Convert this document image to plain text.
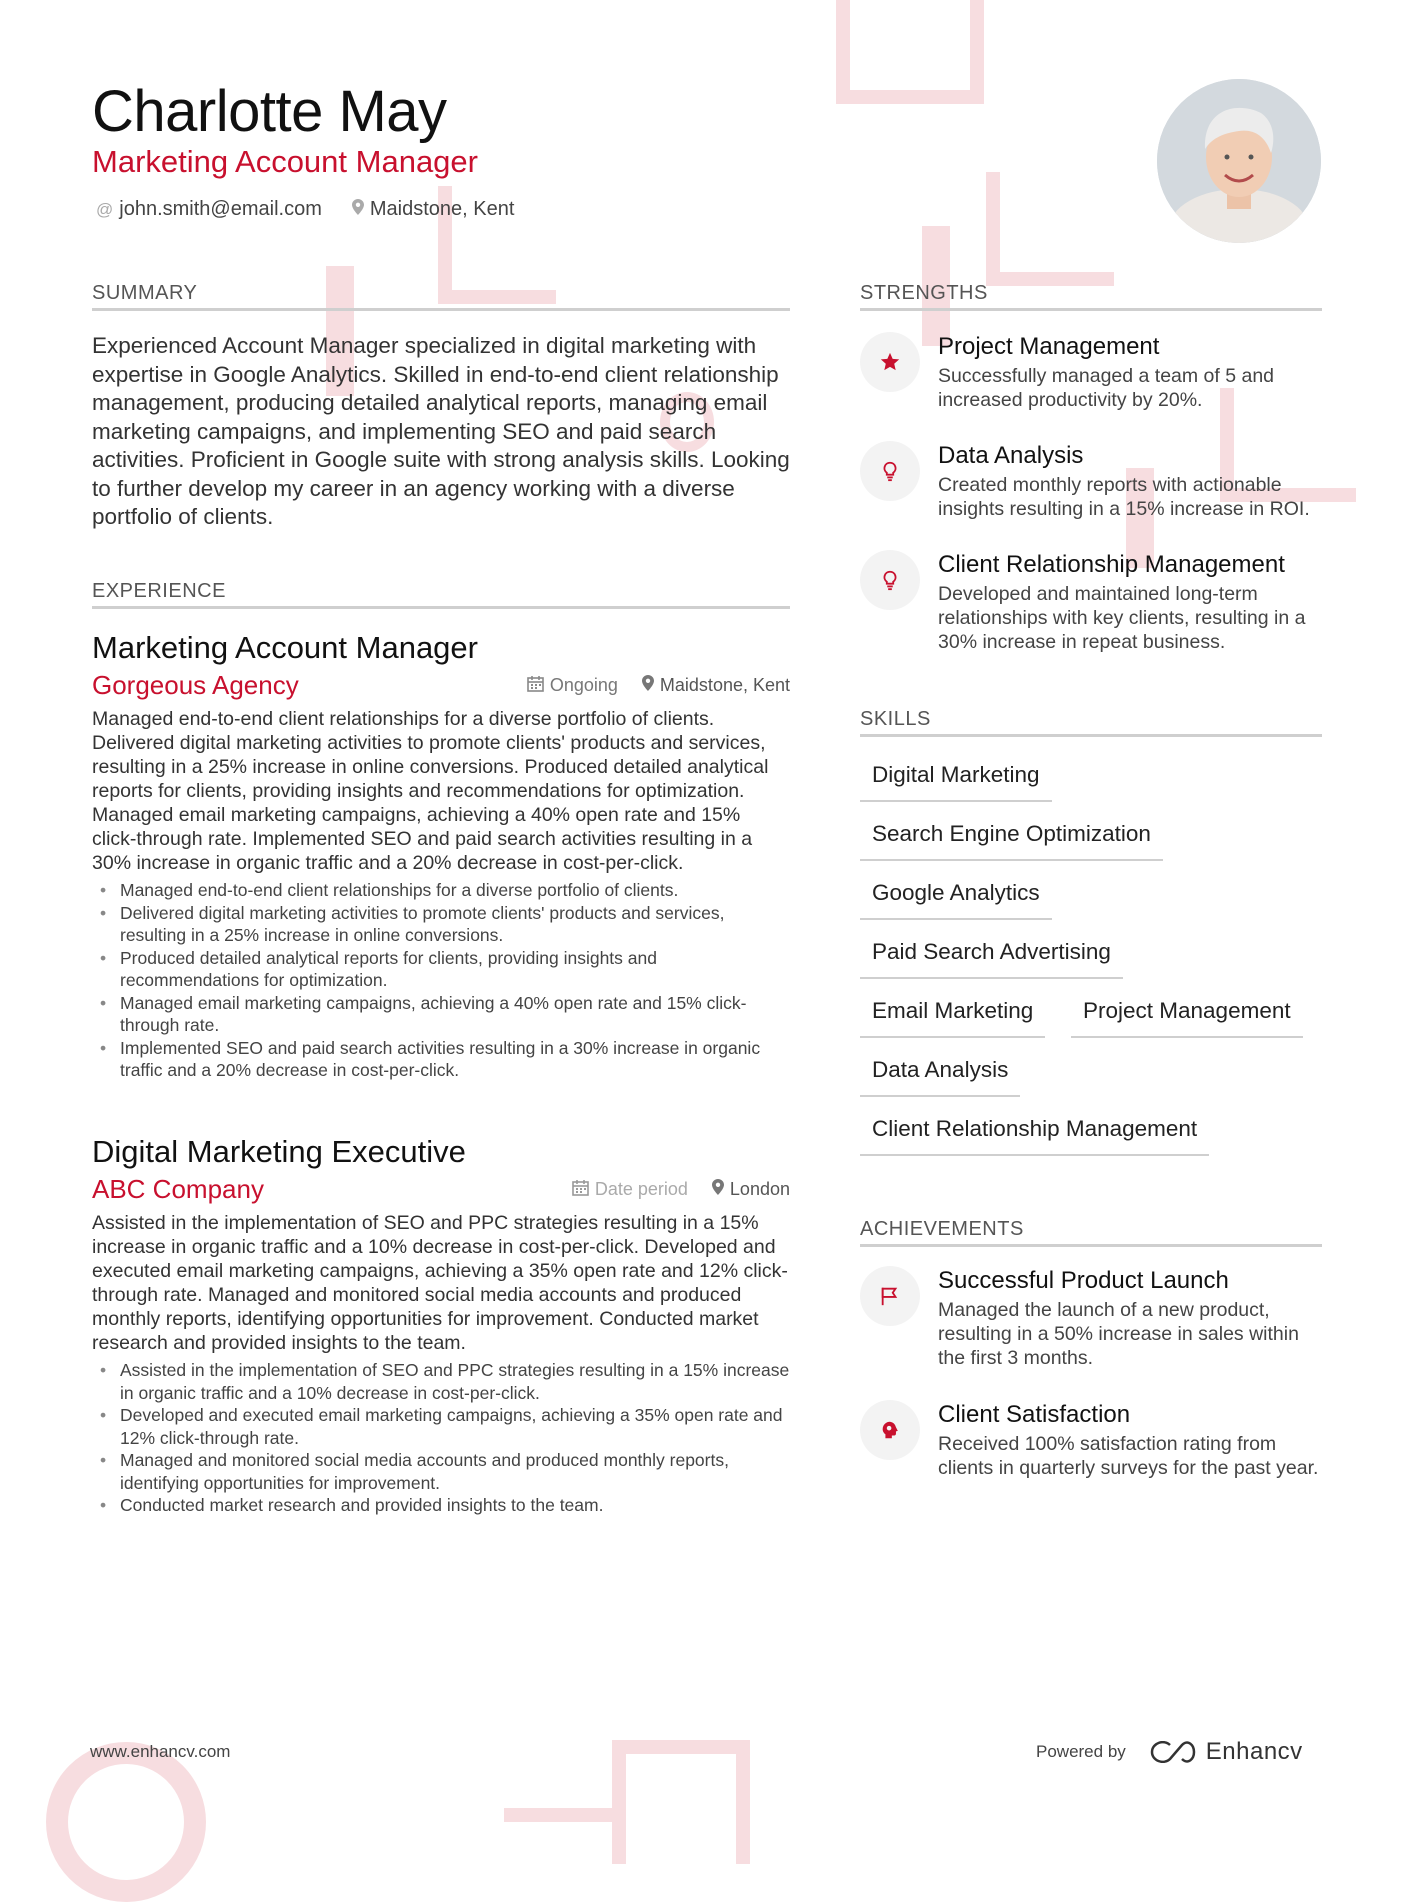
Charlotte May
Marketing Account Manager
@ john.smith@email.com Maidstone, Kent
SUMMARY
Experienced Account Manager specialized in digital marketing with expertise in Google Analytics. Skilled in end-to-end client relationship management, producing detailed analytical reports, managing email marketing campaigns, and implementing SEO and paid search activities. Proficient in Google suite with strong analysis skills. Looking to further develop my career in an agency working with a diverse portfolio of clients.
EXPERIENCE
Marketing Account Manager
Gorgeous Agency	Ongoing Maidstone, Kent
Managed end-to-end client relationships for a diverse portfolio of clients. Delivered digital marketing activities to promote clients' products and services, resulting in a 25% increase in online conversions. Produced detailed analytical reports for clients, providing insights and recommendations for optimization. Managed email marketing campaigns, achieving a 40% open rate and 15% click-through rate. Implemented SEO and paid search activities resulting in a 30% increase in organic traffic and a 20% decrease in cost-per-click.
• Managed end-to-end client relationships for a diverse portfolio of clients.
• Delivered digital marketing activities to promote clients' products and services, resulting in a 25% increase in online conversions.
• Produced detailed analytical reports for clients, providing insights and recommendations for optimization.
• Managed email marketing campaigns, achieving a 40% open rate and 15% click-through rate.
• Implemented SEO and paid search activities resulting in a 30% increase in organic traffic and a 20% decrease in cost-per-click.
Digital Marketing Executive
ABC Company	Date period London
Assisted in the implementation of SEO and PPC strategies resulting in a 15% increase in organic traffic and a 10% decrease in cost-per-click. Developed and executed email marketing campaigns, achieving a 35% open rate and 12% click-through rate. Managed and monitored social media accounts and produced monthly reports, identifying opportunities for improvement. Conducted market research and provided insights to the team.
• Assisted in the implementation of SEO and PPC strategies resulting in a 15% increase in organic traffic and a 10% decrease in cost-per-click.
• Developed and executed email marketing campaigns, achieving a 35% open rate and 12% click-through rate.
• Managed and monitored social media accounts and produced monthly reports, identifying opportunities for improvement.
• Conducted market research and provided insights to the team.
STRENGTHS
Project Management
Successfully managed a team of 5 and increased productivity by 20%.
Data Analysis
Created monthly reports with actionable insights resulting in a 15% increase in ROI.
Client Relationship Management
Developed and maintained long-term relationships with key clients, resulting in a 30% increase in repeat business.
SKILLS
Digital Marketing
Search Engine Optimization
Google Analytics
Paid Search Advertising
Email Marketing	Project Management
Data Analysis
Client Relationship Management
ACHIEVEMENTS
Successful Product Launch
Managed the launch of a new product, resulting in a 50% increase in sales within the first 3 months.
Client Satisfaction
Received 100% satisfaction rating from clients in quarterly surveys for the past year.
www.enhancv.com	Powered by	Enhancv
